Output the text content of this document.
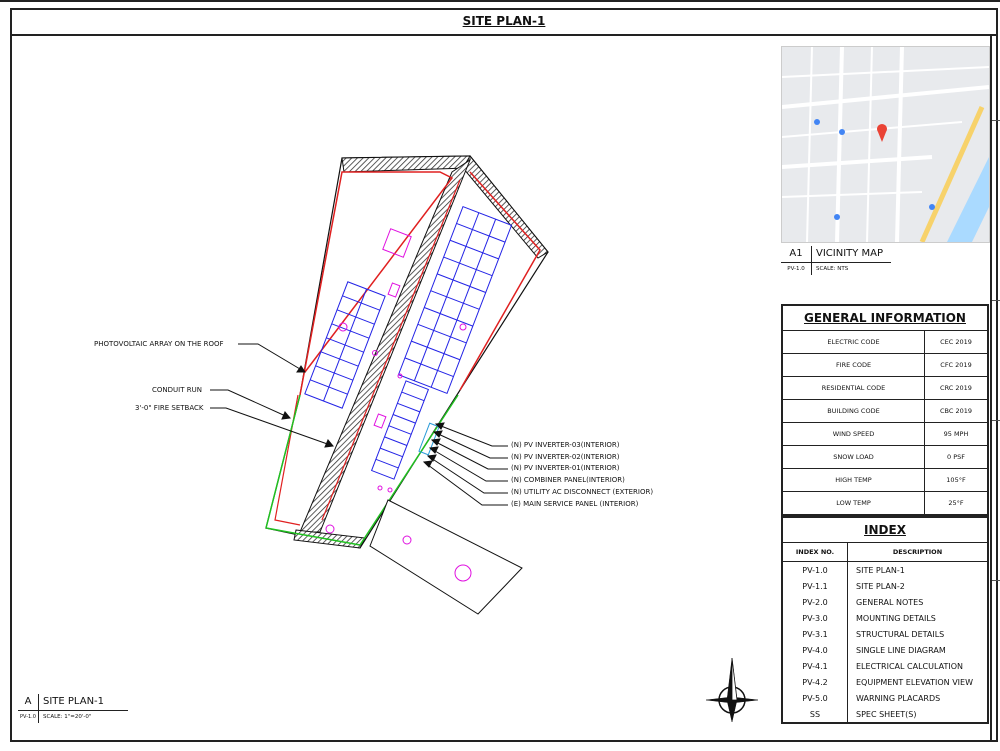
SITE PLAN-1
PHOTOVOLTAIC ARRAY ON THE ROOF
CONDUIT RUN
3'-0" FIRE SETBACK
(N) PV INVERTER-03(INTERIOR)
(N) PV INVERTER-02(INTERIOR)
(N) PV INVERTER-01(INTERIOR)
(N) COMBINER PANEL(INTERIOR)
(N) UTILITY AC DISCONNECT (EXTERIOR)
(E) MAIN SERVICE PANEL (INTERIOR)
A1	VICINITY MAP
PV-1.0	SCALE: NTS
GENERAL INFORMATION	
ELECTRIC CODE	CEC 2019
FIRE CODE	CFC 2019
RESIDENTIAL CODE	CRC 2019
BUILDING CODE	CBC 2019
WIND SPEED	95 MPH
SNOW LOAD	0 PSF
HIGH TEMP	105°F
LOW TEMP	25°F
INDEX	
INDEX NO.	DESCRIPTION
PV-1.0	SITE PLAN-1
PV-1.1	SITE PLAN-2
PV-2.0	GENERAL NOTES
PV-3.0	MOUNTING DETAILS
PV-3.1	STRUCTURAL DETAILS
PV-4.0	SINGLE LINE DIAGRAM
PV-4.1	ELECTRICAL CALCULATION
PV-4.2	EQUIPMENT ELEVATION VIEW
PV-5.0	WARNING PLACARDS
SS	SPEC SHEET(S)
A	SITE PLAN-1
PV-1.0	SCALE: 1"=20'-0"
